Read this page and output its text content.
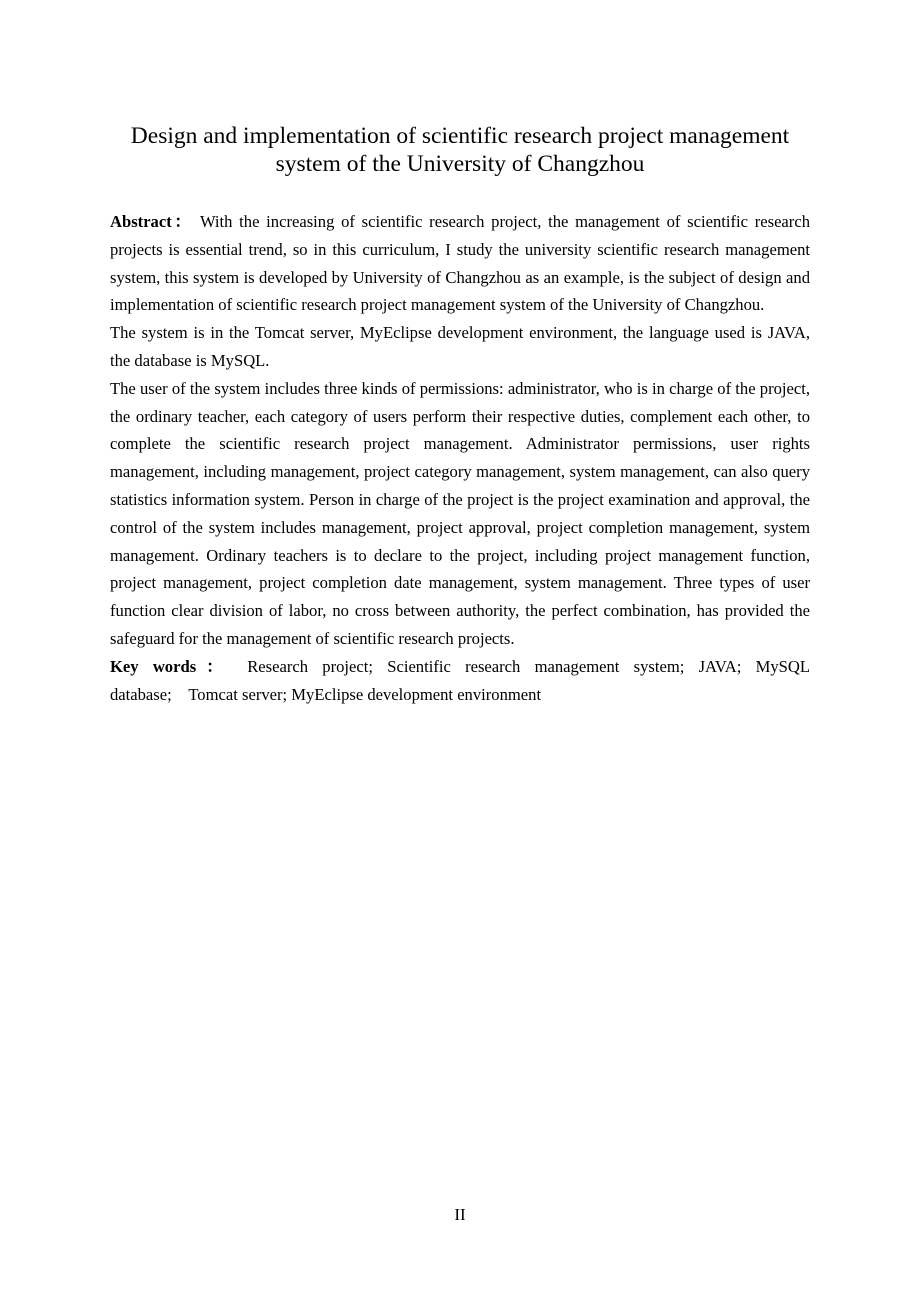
Design and implementation of scientific research project management
system of the University of Changzhou

Abstract： With the increasing of scientific research project, the management of scientific research projects is essential trend, so in this curriculum, I study the university scientific research management system, this system is developed by University of Changzhou as an example, is the subject of design and implementation of scientific research project management system of the University of Changzhou.

The system is in the Tomcat server, MyEclipse development environment, the language used is JAVA, the database is MySQL.

The user of the system includes three kinds of permissions: administrator, who is in charge of the project, the ordinary teacher, each category of users perform their respective duties, complement each other, to complete the scientific research project management. Administrator permissions, user rights management, including management, project category management, system management, can also query statistics information system. Person in charge of the project is the project examination and approval, the control of the system includes management, project approval, project completion management, system management. Ordinary teachers is to declare to the project, including project management function, project management, project completion date management, system management. Three types of user function clear division of labor, no cross between authority, the perfect combination, has provided the safeguard for the management of scientific research projects.

Key words： Research project; Scientific research management system; JAVA; MySQL database;    Tomcat server; MyEclipse development environment

II
